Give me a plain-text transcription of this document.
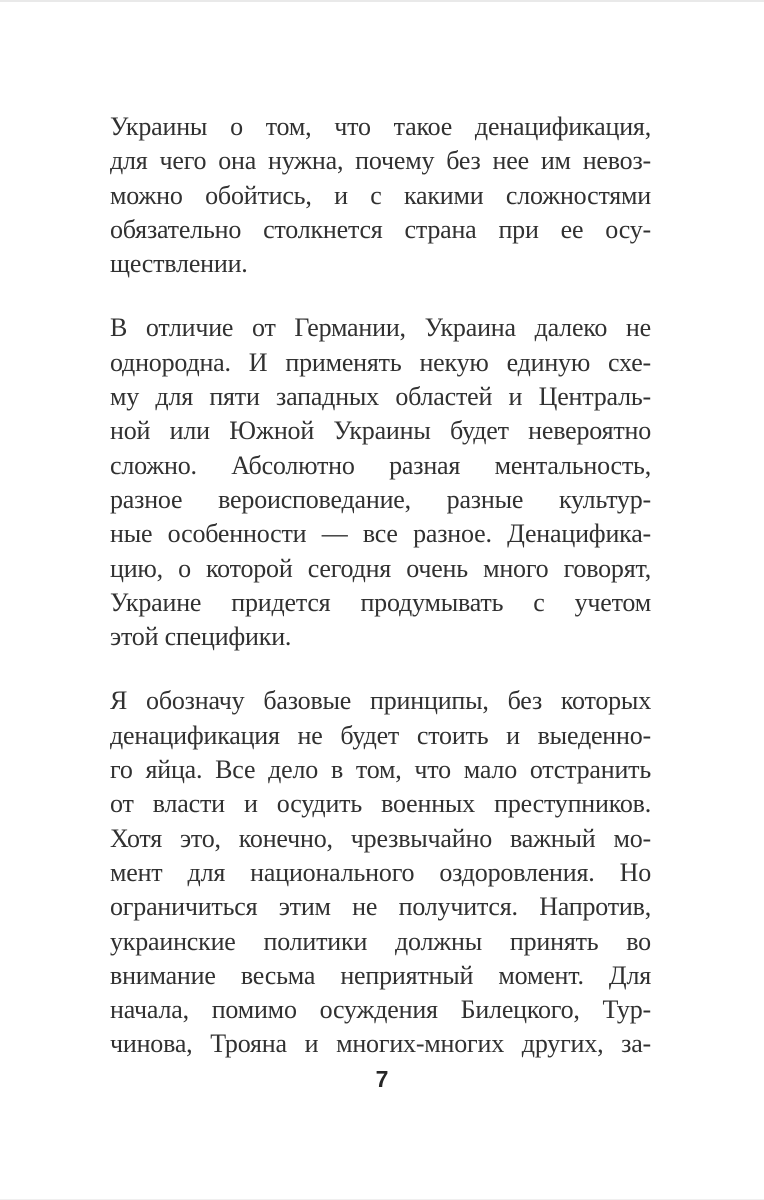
Украины о том, что такое денацификация,
для чего она нужна, почему без нее им невоз-
можно обойтись, и с какими сложностями
обязательно столкнется страна при ее осу-
ществлении.
В отличие от Германии, Украина далеко не
однородна. И применять некую единую схе-
му для пяти западных областей и Централь-
ной или Южной Украины будет невероятно
сложно. Абсолютно разная ментальность,
разное вероисповедание, разные культур-
ные особенности — все разное. Денацифика-
цию, о которой сегодня очень много говорят,
Украине придется продумывать с учетом
этой специфики.
Я обозначу базовые принципы, без которых
денацификация не будет стоить и выеденно-
го яйца. Все дело в том, что мало отстранить
от власти и осудить военных преступников.
Хотя это, конечно, чрезвычайно важный мо-
мент для национального оздоровления. Но
ограничиться этим не получится. Напротив,
украинские политики должны принять во
внимание весьма неприятный момент. Для
начала, помимо осуждения Билецкого, Тур-
чинова, Трояна и многих-многих других, за-
7
